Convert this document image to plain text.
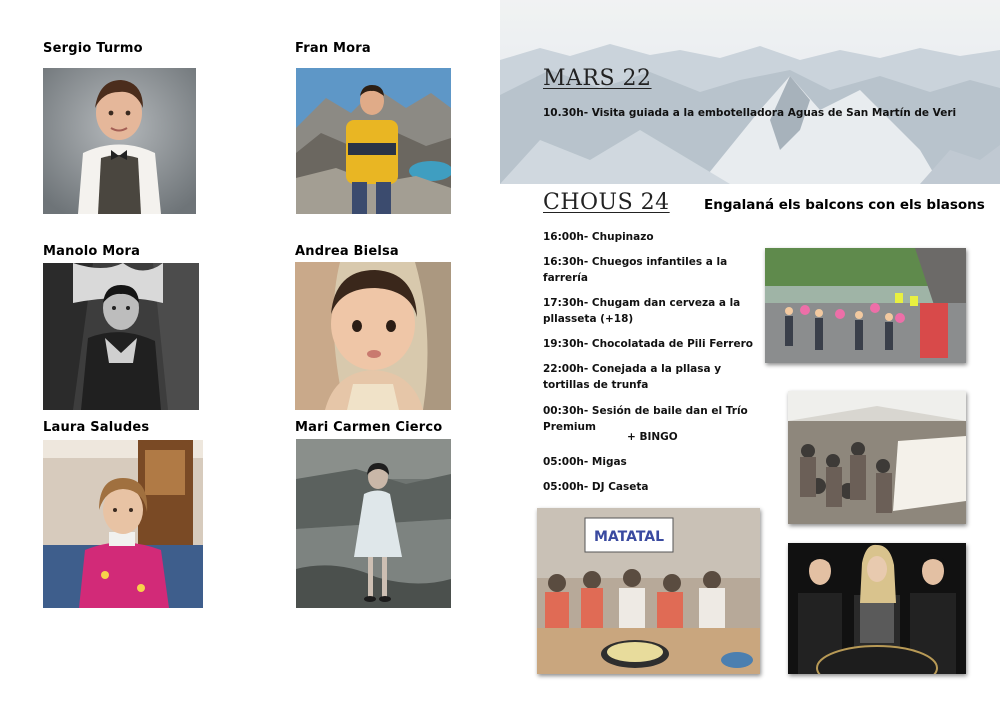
Sergio Turmo	Fran Mora
Manolo Mora	Andrea Bielsa
Laura Saludes	Mari Carmen Cierco
MARS 22
10.30h- Visita guiada a la embotelladora Aguas de San Martín de Veri
CHOUS 24	Engalaná els balcons con els blasons
16:00h- Chupinazo
16:30h- Chuegos infantiles a la farrería
17:30h- Chugam dan cerveza a la pllasseta (+18)
19:30h- Chocolatada de Pili Ferrero
22:00h- Conejada a la pllasa y tortillas de trunfa
00:30h- Sesión de baile dan el Trío Premium
+ BINGO
05:00h- Migas
05:00h- DJ Caseta
MATATAL
